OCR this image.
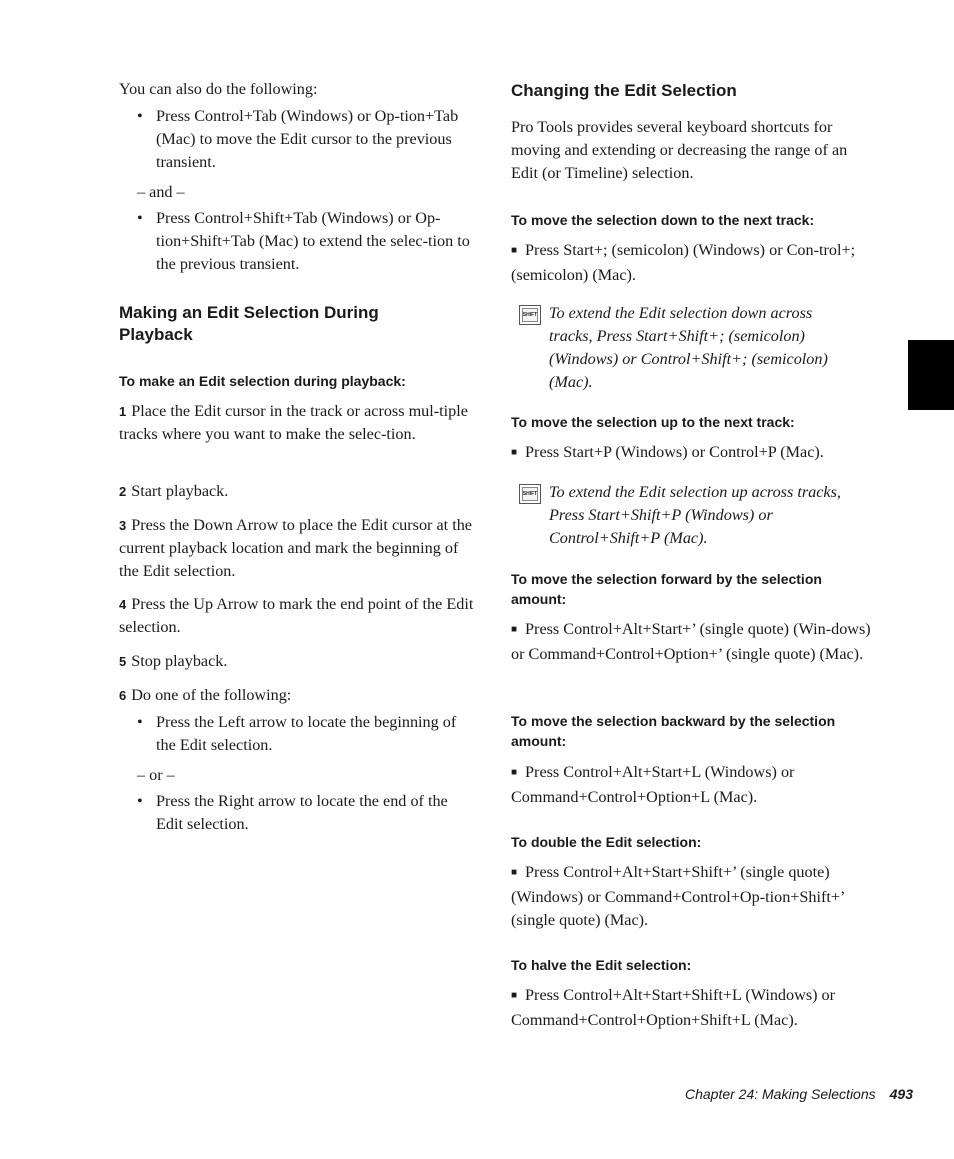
You can also do the following:

• Press Control+Tab (Windows) or Op-tion+Tab (Mac) to move the Edit cursor to the previous transient.

– and –

• Press Control+Shift+Tab (Windows) or Op-tion+Shift+Tab (Mac) to extend the selec-tion to the previous transient.
Making an Edit Selection During Playback
To make an Edit selection during playback:

1 Place the Edit cursor in the track or across mul-tiple tracks where you want to make the selec-tion.

2 Start playback.

3 Press the Down Arrow to place the Edit cursor at the current playback location and mark the beginning of the Edit selection.

4 Press the Up Arrow to mark the end point of the Edit selection.

5 Stop playback.

6 Do one of the following:

• Press the Left arrow to locate the beginning of the Edit selection.

– or –

• Press the Right arrow to locate the end of the Edit selection.
Changing the Edit Selection

Pro Tools provides several keyboard shortcuts for moving and extending or decreasing the range of an Edit (or Timeline) selection.

To move the selection down to the next track:

■ Press Start+; (semicolon) (Windows) or Con-trol+; (semicolon) (Mac).

SHIFT To extend the Edit selection down across tracks, Press Start+Shift+; (semicolon) (Windows) or Control+Shift+; (semicolon) (Mac).

To move the selection up to the next track:

■ Press Start+P (Windows) or Control+P (Mac).

SHIFT To extend the Edit selection up across tracks, Press Start+Shift+P (Windows) or Control+Shift+P (Mac).

To move the selection forward by the selection amount:

■ Press Control+Alt+Start+’ (single quote) (Win-dows) or Command+Control+Option+’ (single quote) (Mac).

To move the selection backward by the selection amount:

■ Press Control+Alt+Start+L (Windows) or Command+Control+Option+L (Mac).

To double the Edit selection:

■ Press Control+Alt+Start+Shift+’ (single quote) (Windows) or Command+Control+Op-tion+Shift+’ (single quote) (Mac).

To halve the Edit selection:

■ Press Control+Alt+Start+Shift+L (Windows) or Command+Control+Option+Shift+L (Mac).

Chapter 24: Making Selections 493
